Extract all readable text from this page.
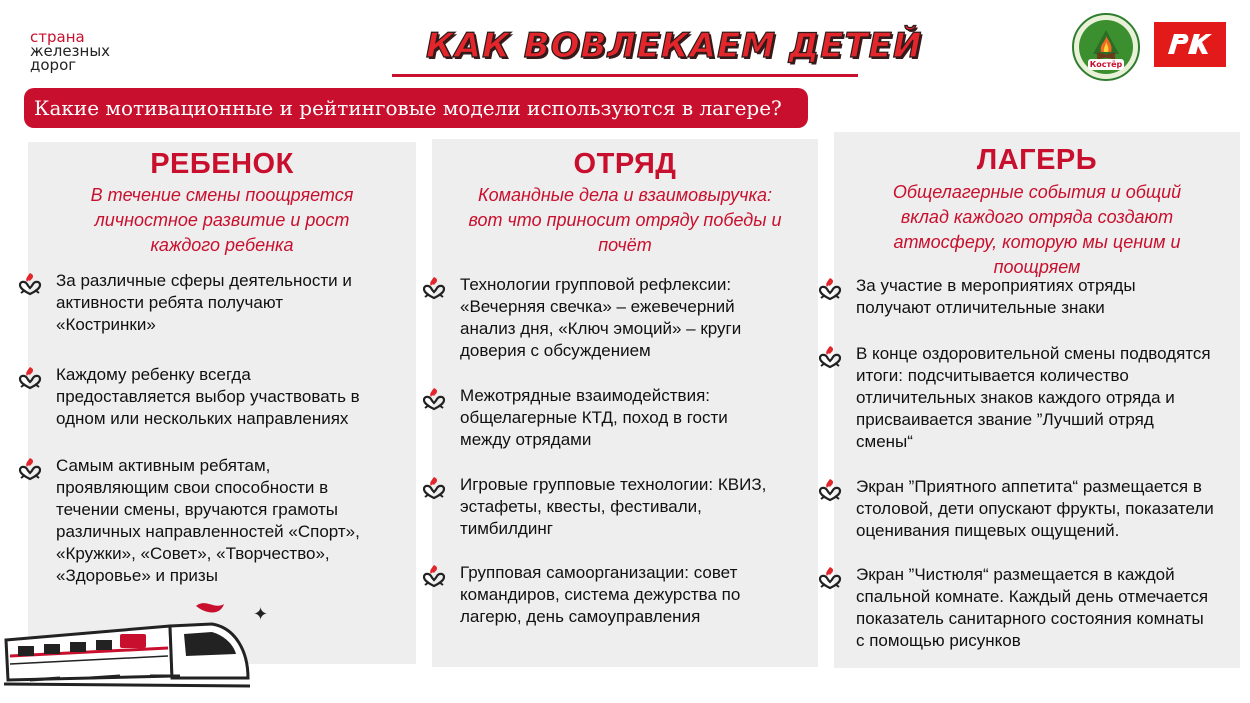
страна
железных
дорог	КАК ВОВЛЕКАЕМ ДЕТЕЙ	Костёр
Какие мотивационные и рейтинговые модели используются в лагере?
РЕБЕНОК
В течение смены поощряется
личностное развитие и рост
каждого ребенка
ОТРЯД
Командные дела и взаимовыручка:
вот что приносит отряду победы и
почёт
ЛАГЕРЬ
Общелагерные события и общий
вклад каждого отряда создают
атмосферу, которую мы ценим и
поощряем
За различные сферы деятельности и
активности ребята получают
«Костринки»
Каждому ребенку всегда
предоставляется выбор участвовать в
одном или нескольких направлениях
Самым активным ребятам,
проявляющим свои способности в
течении смены, вручаются грамоты
различных направленностей «Спорт»,
«Кружки», «Совет», «Творчество»,
«Здоровье» и призы
Технологии групповой рефлексии:
«Вечерняя свечка» – ежевечерний
анализ дня, «Ключ эмоций» – круги
доверия с обсуждением
Межотрядные взаимодействия:
общелагерные КТД, поход в гости
между отрядами
Игровые групповые технологии: КВИЗ,
эстафеты, квесты, фестивали,
тимбилдинг
Групповая самоорганизации: совет
командиров, система дежурства по
лагерю, день самоуправления
За участие в мероприятиях отряды
получают отличительные знаки
В конце оздоровительной смены подводятся
итоги: подсчитывается количество
отличительных знаков каждого отряда и
присваивается звание ”Лучший отряд
смены“
Экран ”Приятного аппетита“ размещается в
столовой, дети опускают фрукты, показатели
оценивания пищевых ощущений.
Экран ”Чистюля“ размещается в каждой
спальной комнате. Каждый день отмечается
показатель санитарного состояния комнаты
с помощью рисунков
✦
